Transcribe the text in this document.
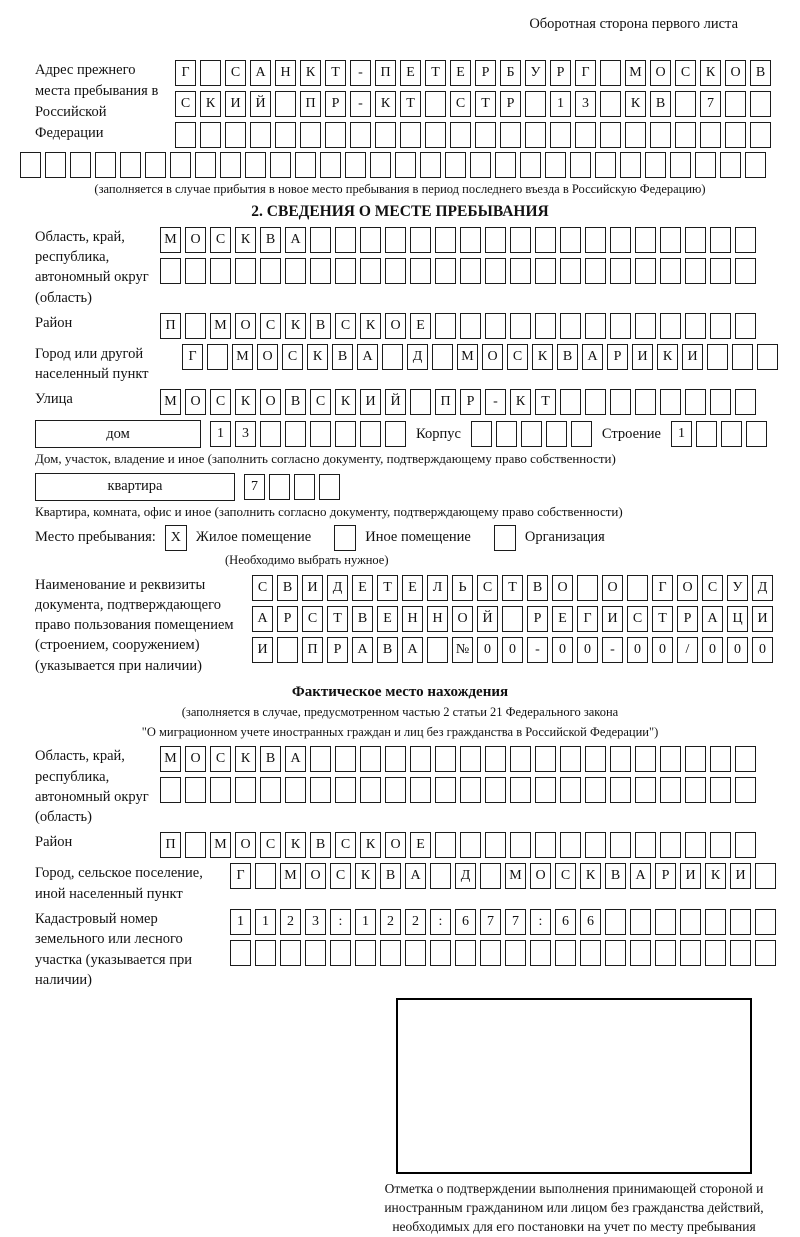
Оборотная сторона первого листа
Адрес прежнего места пребывания в Российской Федерации
Г	С	А	Н	К	Т	-	П	Е	Т	Е	Р	Б	У	Р	Г	М О	С	К	О	В
С	К	И	Й	П	Р	-	К	Т	С	Т	Р	1	3	К	В	7
(заполняется в случае прибытия в новое место пребывания в период последнего въезда в Российскую Федерацию)
2. СВЕДЕНИЯ О МЕСТЕ ПРЕБЫВАНИЯ
Область, край, республика, автономный округ (область)
М О	С	К	В	А
Район	П	М О	С	К	В	С	К	О	Е
Город или другой населенный пункт
Г	М О	С	К	В	А	Д	М О	С	К	В	А	Р	И	К	И
Улица	М О	С	К	О	В	С	К	И	Й	П	Р	-	К	Т
дом	1	3	Корпус	Строение	1
Дом, участок, владение и иное (заполнить согласно документу, подтверждающему право собственности)
квартира	7
Квартира, комната, офис и иное (заполнить согласно документу, подтверждающему право собственности)
Место пребывания: X Жилое помещение	Иное помещение	Организация
(Необходимо выбрать нужное)
Наименование и реквизиты документа, подтверждающего право пользования помещением (строением, сооружением) (указывается при наличии)
С	В	И	Д	Е	Т	Е	Л	Ь	С	Т	В	О	О	Г	О	С	У	Д
А	Р	С	Т	В	Е	Н	Н	О	Й	Р	Е	Г	И	С	Т	Р	А	Ц	И
И	П	Р	А	В	А	№	0	0	-	0	0	-	0	0	/	0	0	0
Фактическое место нахождения
(заполняется в случае, предусмотренном частью 2 статьи 21 Федерального закона
"О миграционном учете иностранных граждан и лиц без гражданства в Российской Федерации")
Область, край, республика, автономный округ (область)
М О	С	К	В	А
Район	П	М О	С	К	В	С	К	О	Е
Город, сельское поселение, иной населенный пункт
Г	М О	С	К	В	А	Д	М О	С	К	В	А	Р	И	К	И
Кадастровый номер земельного или лесного участка (указывается при наличии)
1	1	2	3	:	1	2	2	:	6	7	7	:	6	6
Отметка о подтверждении выполнения принимающей стороной и иностранным гражданином или лицом без гражданства действий, необходимых для его постановки на учет по месту пребывания
